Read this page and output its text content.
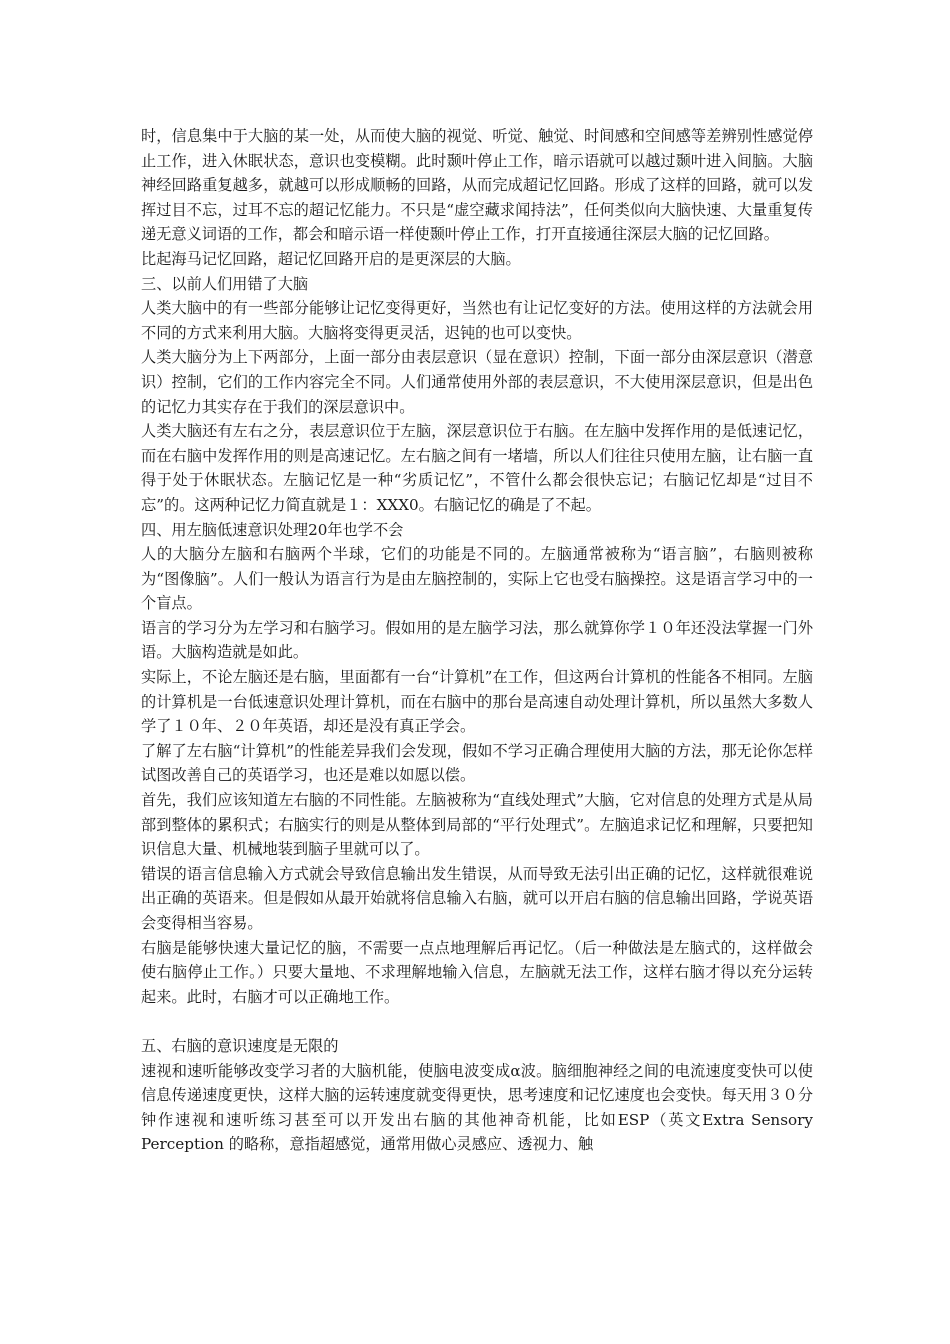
时，信息集中于大脑的某一处，从而使大脑的视觉、听觉、触觉、时间感和空间感等差辨别性感觉停止工作，进入休眠状态，意识也变模糊。此时颞叶停止工作，暗示语就可以越过颞叶进入间脑。大脑神经回路重复越多，就越可以形成顺畅的回路，从而完成超记忆回路。形成了这样的回路，就可以发挥过目不忘，过耳不忘的超记忆能力。不只是“虚空藏求闻持法”，任何类似向大脑快速、大量重复传递无意义词语的工作，都会和暗示语一样使颞叶停止工作，打开直接通往深层大脑的记忆回路。

比起海马记忆回路，超记忆回路开启的是更深层的大脑。

三、以前人们用错了大脑

人类大脑中的有一些部分能够让记忆变得更好，当然也有让记忆变好的方法。使用这样的方法就会用不同的方式来利用大脑。大脑将变得更灵活，迟钝的也可以变快。

人类大脑分为上下两部分，上面一部分由表层意识（显在意识）控制，下面一部分由深层意识（潜意识）控制，它们的工作内容完全不同。人们通常使用外部的表层意识，不大使用深层意识，但是出色的记忆力其实存在于我们的深层意识中。

人类大脑还有左右之分，表层意识位于左脑，深层意识位于右脑。在左脑中发挥作用的是低速记忆，而在右脑中发挥作用的则是高速记忆。左右脑之间有一堵墙，所以人们往往只使用左脑，让右脑一直得于处于休眠状态。左脑记忆是一种“劣质记忆”，不管什么都会很快忘记；右脑记忆却是“过目不忘”的。这两种记忆力简直就是１：XXX0。右脑记忆的确是了不起。

四、用左脑低速意识处理20年也学不会

人的大脑分左脑和右脑两个半球，它们的功能是不同的。左脑通常被称为“语言脑”，右脑则被称为“图像脑”。人们一般认为语言行为是由左脑控制的，实际上它也受右脑操控。这是语言学习中的一个盲点。

语言的学习分为左学习和右脑学习。假如用的是左脑学习法，那么就算你学１０年还没法掌握一门外语。大脑构造就是如此。

实际上，不论左脑还是右脑，里面都有一台“计算机”在工作，但这两台计算机的性能各不相同。左脑的计算机是一台低速意识处理计算机，而在右脑中的那台是高速自动处理计算机，所以虽然大多数人学了１０年、２０年英语，却还是没有真正学会。

了解了左右脑“计算机”的性能差异我们会发现，假如不学习正确合理使用大脑的方法，那无论你怎样试图改善自己的英语学习，也还是难以如愿以偿。

首先，我们应该知道左右脑的不同性能。左脑被称为“直线处理式”大脑，它对信息的处理方式是从局部到整体的累积式；右脑实行的则是从整体到局部的“平行处理式”。左脑追求记忆和理解，只要把知识信息大量、机械地装到脑子里就可以了。

错误的语言信息输入方式就会导致信息输出发生错误，从而导致无法引出正确的记忆，这样就很难说出正确的英语来。但是假如从最开始就将信息输入右脑，就可以开启右脑的信息输出回路，学说英语会变得相当容易。

右脑是能够快速大量记忆的脑，不需要一点点地理解后再记忆。（后一种做法是左脑式的，这样做会使右脑停止工作。）只要大量地、不求理解地输入信息，左脑就无法工作，这样右脑才得以充分运转起来。此时，右脑才可以正确地工作。

五、右脑的意识速度是无限的

速视和速听能够改变学习者的大脑机能，使脑电波变成α波。脑细胞神经之间的电流速度变快可以使信息传递速度更快，这样大脑的运转速度就变得更快，思考速度和记忆速度也会变快。每天用３０分钟作速视和速听练习甚至可以开发出右脑的其他神奇机能，比如ESP（英文Extra Sensory Perception 的略称，意指超感觉，通常用做心灵感应、透视力、触
